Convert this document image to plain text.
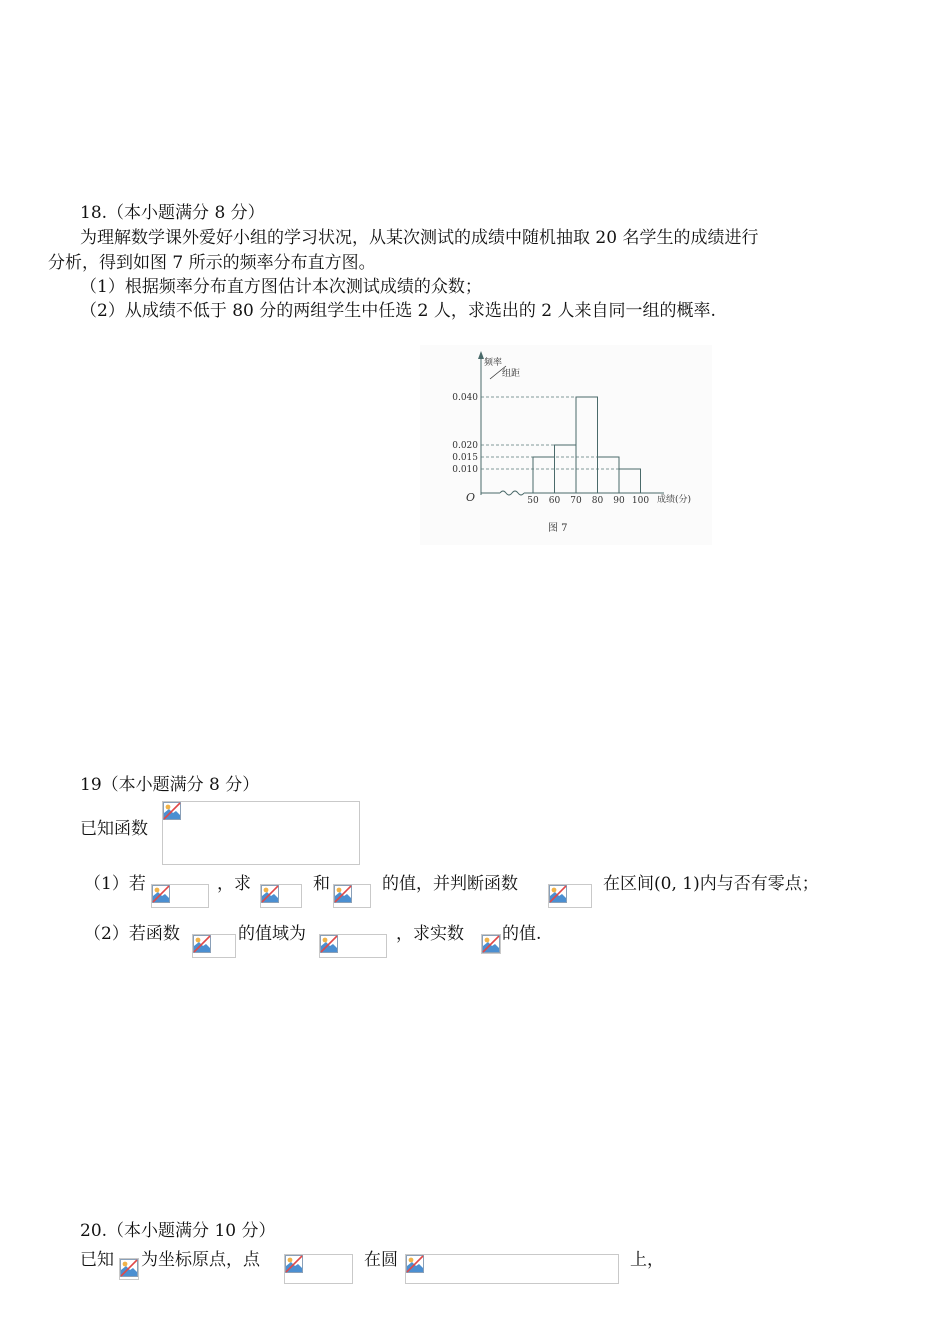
18.（本小题满分 8 分）
为理解数学课外爱好小组的学习状况，从某次测试的成绩中随机抽取 20 名学生的成绩进行
分析，得到如图 7 所示的频率分布直方图。
（1）根据频率分布直方图估计本次测试成绩的众数；
（2）从成绩不低于 80 分的两组学生中任选 2 人，求选出的 2 人来自同一组的概率.
频率
组距
O	成绩(分)
图 7
0.040
0.020
0.015
0.010
50 60 70 80 90 100
19（本小题满分 8 分）
已知函数
（1）若	，求	和	的值，并判断函数	在区间(0, 1)内与否有零点；
（2）若函数	的值域为	，求实数 的值.
20.（本小题满分 10 分）
已知 为坐标原点，点	在圆	上，
